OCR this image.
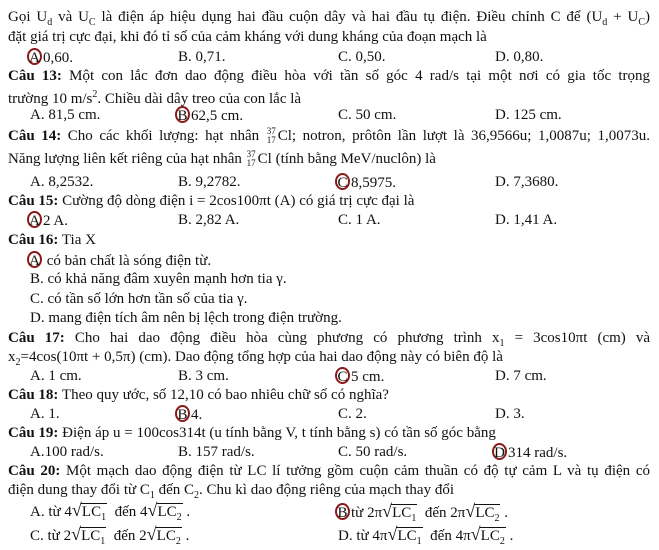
Gọi $U_d$ và $U_C$ là điện áp hiệu dụng hai đầu cuộn dây và hai đầu tụ điện. Điều chỉnh C để $(U_d + U_C)$
đặt giá trị cực đại, khi đó tỉ số của cảm kháng với dung kháng của đoạn mạch là
A 0,60.	B. 0,71.	C. 0,50.	D. 0,80.
Câu 13: Một con lắc đơn dao động điều hòa với tần số góc 4 rad/s tại một nơi có gia tốc trọng
trường 10 $m/s^2$. Chiều dài dây treo của con lắc là
A. 81,5 cm.	B 62,5 cm.	C. 50 cm.	D. 125 cm.
Câu 14: Cho các khối lượng: hạt nhân 37
17 Cl; notron, prôtôn lần lượt là 36,9566u; 1,0087u; 1,0073u.
Năng lượng liên kết riêng của hạt nhân 37
17 Cl (tính bằng MeV/nuclôn) là
A. 8,2532.	B. 9,2782.	C 8,5975.	D. 7,3680.
Câu 15: Cường độ dòng điện i = 2cos100πt (A) có giá trị cực đại là
A 2 A.	B. 2,82 A.	C. 1 A.	D. 1,41 A.
Câu 16: Tia X
A có bản chất là sóng điện từ.
B. có khả năng đâm xuyên mạnh hơn tia γ.
C. có tần số lớn hơn tần số của tia γ.
D. mang điện tích âm nên bị lệch trong điện trường.
Câu 17: Cho hai dao động điều hòa cùng phương có phương trình $x_1 = 3\cos 10\pi t$ (cm) và
$x_2=4\cos(10\pi t + 0,5\pi)$ (cm). Dao động tổng hợp của hai dao động này có biên độ là
A. 1 cm.	B. 3 cm.	C 5 cm.	D. 7 cm.
Câu 18: Theo quy ước, số 12,10 có bao nhiêu chữ số có nghĩa?
A. 1.	B 4.	C. 2.	D. 3.
Câu 19: Điện áp u = 100cos314t (u tính bằng V, t tính bằng s) có tần số góc bằng
A.100 rad/s.	B. 157 rad/s.	C. 50 rad/s.	D 314 rad/s.
Câu 20: Một mạch dao động điện từ LC lí tưởng gồm cuộn cảm thuần có độ tự cảm L và tụ điện có
điện dung thay đổi từ $C_1$ đến $C_2$. Chu kì dao động riêng của mạch thay đổi
A. từ 4 √ $LC_1$ đến 4 √ $LC_2$ .	B từ 2π √ $LC_1$ đến 2π √ $LC_2$ .
C. từ 2 √ $LC_1$ đến 2 √ $LC_2$ .	D. từ 4π √ $LC_1$ đến 4π √ $LC_2$ .
